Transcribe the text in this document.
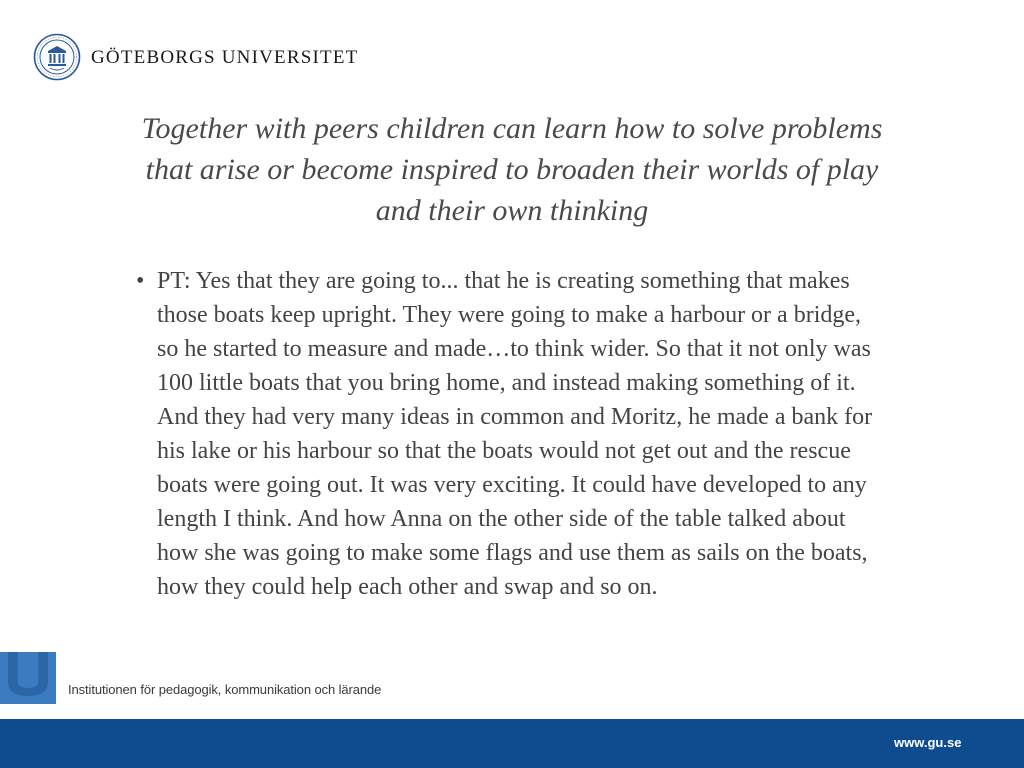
GÖTEBORGS UNIVERSITET
Together with peers children can learn how to solve problems that arise or become inspired to broaden their worlds of play and their own thinking
• PT: Yes that they are going to... that he is creating something that makes those boats keep upright. They were going to make a harbour or a bridge, so he started to measure and made…to think wider. So that it not only was 100 little boats that you bring home, and instead making something of it. And they had very many ideas in common and Moritz, he made a bank for his lake or his harbour so that the boats would not get out and the rescue boats were going out. It was very exciting. It could have developed to any length I think. And how Anna on the other side of the table talked about how she was going to make some flags and use them as sails on the boats, how they could help each other and swap and so on.

Institutionen för pedagogik, kommunikation och lärande
www.gu.se
